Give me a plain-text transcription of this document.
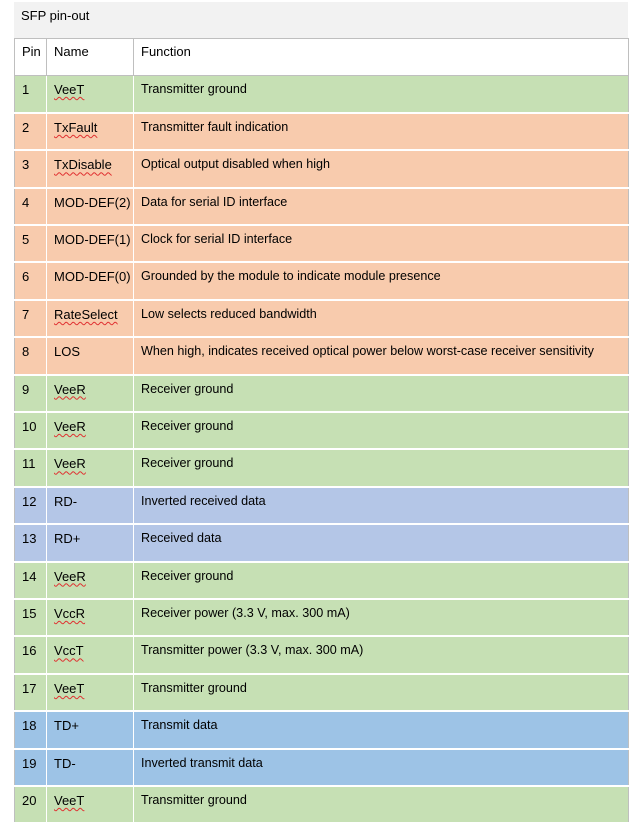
SFP pin-out
Pin	Name	Function
1	VeeT	Transmitter ground
2	TxFault	Transmitter fault indication
3	TxDisable	Optical output disabled when high
4	MOD-DEF(2)	Data for serial ID interface
5	MOD-DEF(1)	Clock for serial ID interface
6	MOD-DEF(0)	Grounded by the module to indicate module presence
7	RateSelect	Low selects reduced bandwidth
8	LOS	When high, indicates received optical power below worst-case receiver sensitivity
9	VeeR	Receiver ground
10	VeeR	Receiver ground
11	VeeR	Receiver ground
12	RD-	Inverted received data
13	RD+	Received data
14	VeeR	Receiver ground
15	VccR	Receiver power (3.3 V, max. 300 mA)
16	VccT	Transmitter power (3.3 V, max. 300 mA)
17	VeeT	Transmitter ground
18	TD+	Transmit data
19	TD-	Inverted transmit data
20	VeeT	Transmitter ground
